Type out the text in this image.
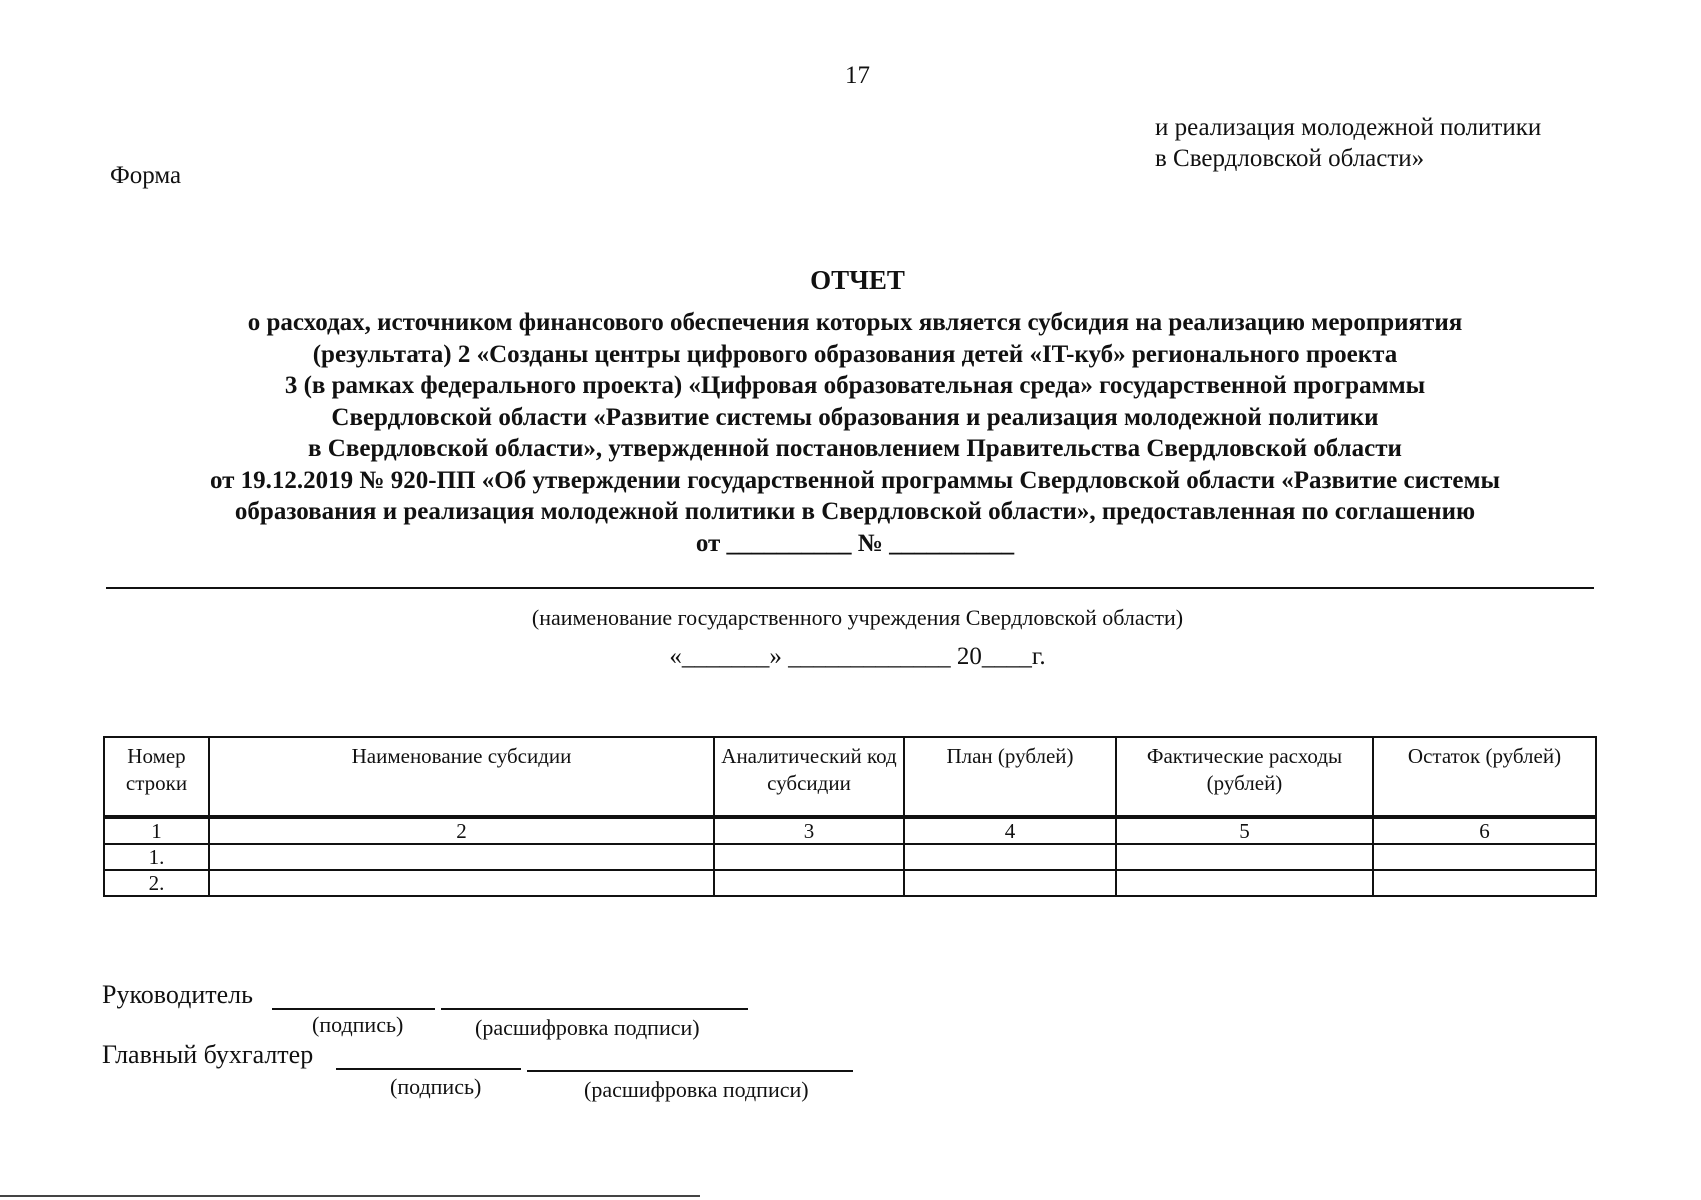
17
и реализация молодежной политики
в Свердловской области»
Форма
ОТЧЕТ
о расходах, источником финансового обеспечения которых является субсидия на реализацию мероприятия
(результата) 2 «Созданы центры цифрового образования детей «IT-куб» регионального проекта
3 (в рамках федерального проекта) «Цифровая образовательная среда» государственной программы
Свердловской области «Развитие системы образования и реализация молодежной политики
в Свердловской области», утвержденной постановлением Правительства Свердловской области
от 19.12.2019 № 920-ПП «Об утверждении государственной программы Свердловской области «Развитие системы
образования и реализация молодежной политики в Свердловской области», предоставленная по соглашению
от __________ № __________
(наименование государственного учреждения Свердловской области)
«_______» _____________ 20____г.
Номер строки	Наименование субсидии	Аналитический код субсидии	План (рублей)	Фактические расходы (рублей)	Остаток (рублей)
1	2	3	4	5	6
1.					
2.					
Руководитель
(подпись)	(расшифровка подписи)
Главный бухгалтер
(подпись)	(расшифровка подписи)
